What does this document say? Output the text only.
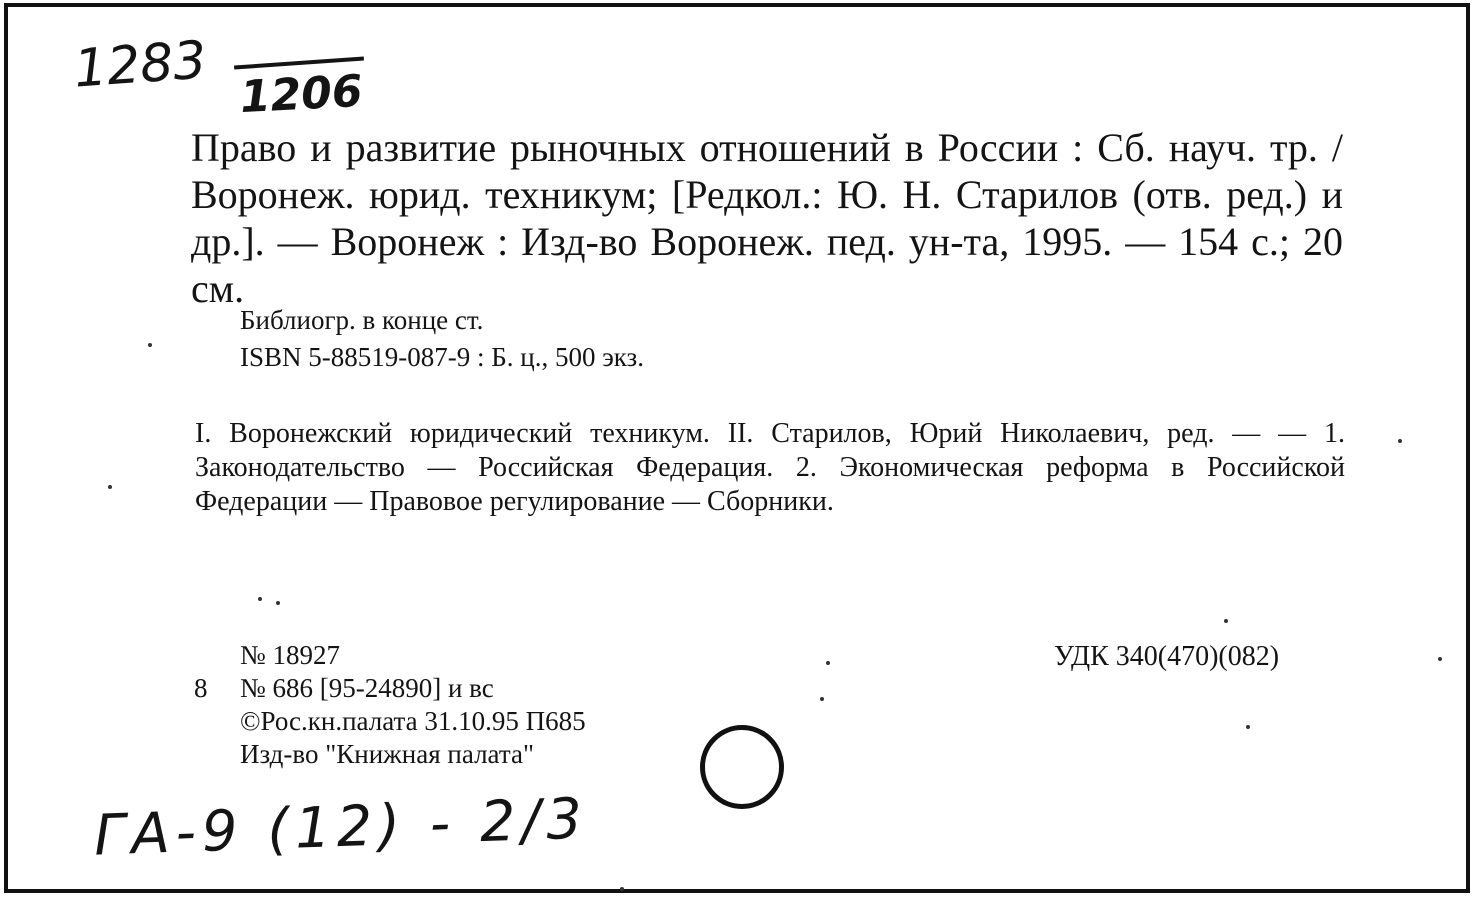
1283 1206
Право и развитие рыночных отношений в России : Сб. науч. тр. / Воронеж. юрид. техникум; [Редкол.: Ю. Н. Старилов (отв. ред.) и др.]. — Воронеж : Изд-во Воронеж. пед. ун-та, 1995. — 154 с.; 20 см.
Библиогр. в конце ст.
ISBN 5-88519-087-9 : Б. ц., 500 экз.
I. Воронежский юридический техникум. II. Старилов, Юрий Николаевич, ред. — — 1. Законодательство — Российская Федерация. 2. Экономическая реформа в Российской Федерации — Правовое регулирование — Сборники.
№ 18927
8 № 686 [95-24890] и вс
©Рос.кн.палата 31.10.95 П685
Изд-во "Книжная палата"
УДК 340(470)(082)
ГА-9 (12) - 2/3
